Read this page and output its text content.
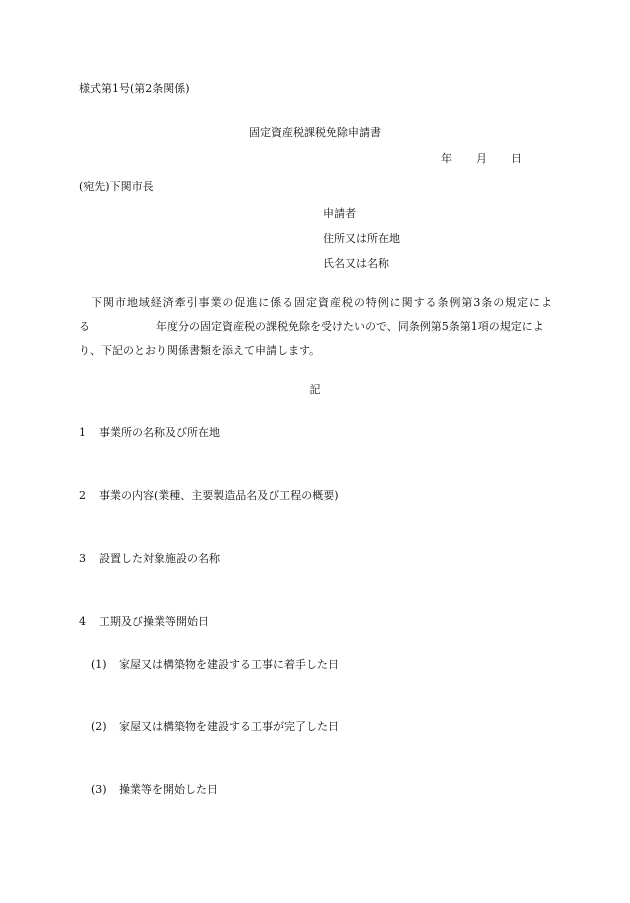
様式第1号(第2条関係)
固定資産税課税免除申請書
年 月 日
(宛先)下関市長
申請者
住所又は所在地
氏名又は名称
下関市地域経済牽引事業の促進に係る固定資産税の特例に関する条例第3条の規定によ
る	年度分の固定資産税の課税免除を受けたいので、同条例第5条第1項の規定によ
り、下記のとおり関係書類を添えて申請します。
記
1 事業所の名称及び所在地
2 事業の内容(業種、主要製造品名及び工程の概要)
3 設置した対象施設の名称
4 工期及び操業等開始日
(1) 家屋又は構築物を建設する工事に着手した日
(2) 家屋又は構築物を建設する工事が完了した日
(3) 操業等を開始した日
